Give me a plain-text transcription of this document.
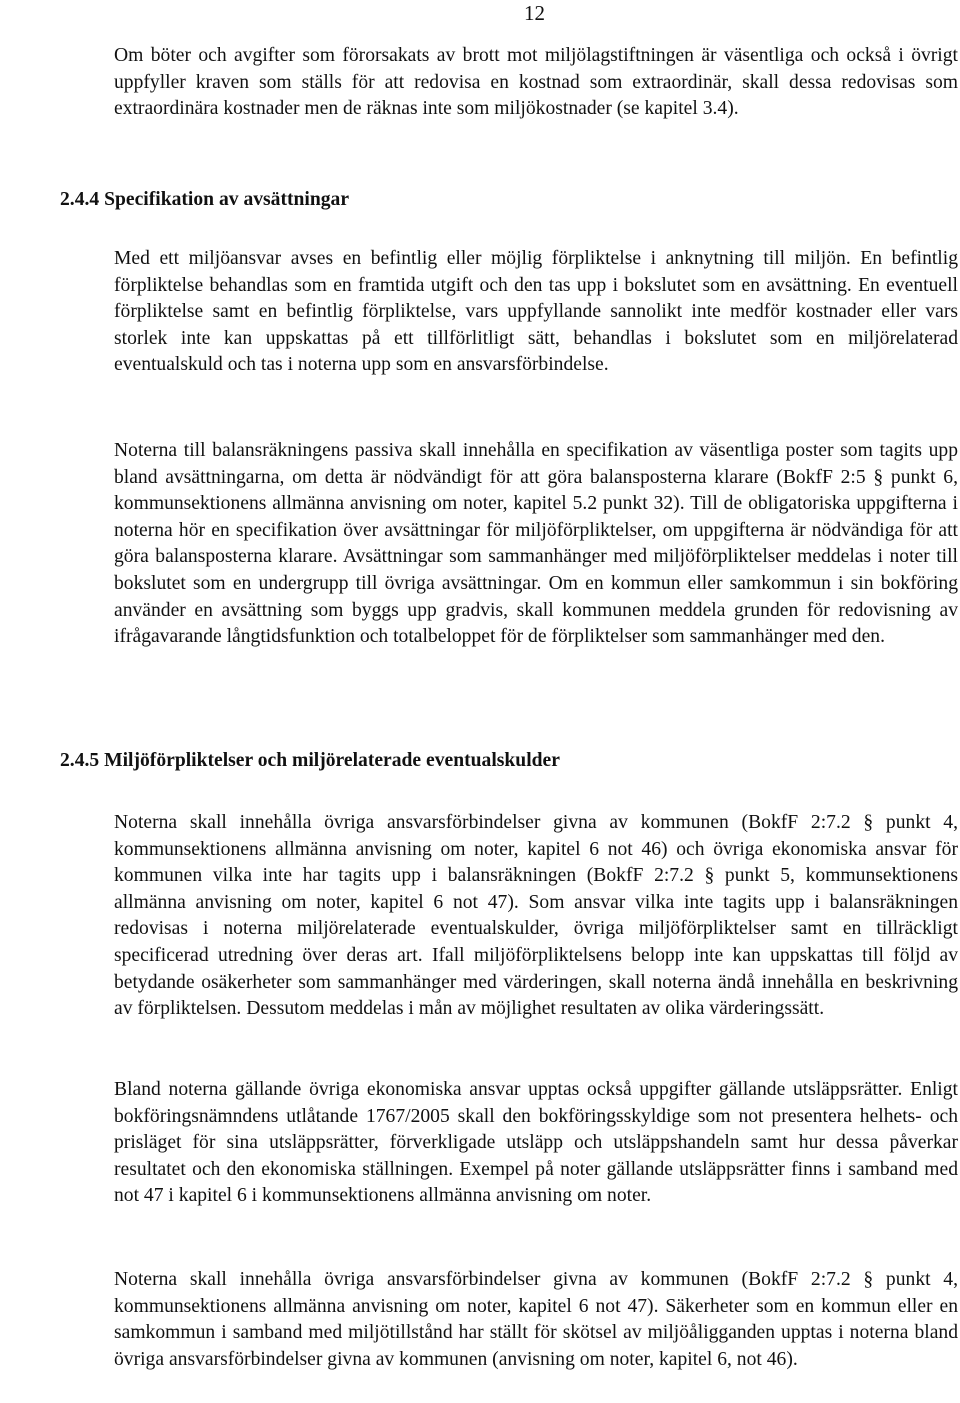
12

Om böter och avgifter som förorsakats av brott mot miljölagstiftningen är väsentliga och också i övrigt uppfyller kraven som ställs för att redovisa en kostnad som extraordinär, skall dessa redovisas som extraordinära kostnader men de räknas inte som miljökostnader (se kapitel 3.4).

2.4.4 Specifikation av avsättningar

Med ett miljöansvar avses en befintlig eller möjlig förpliktelse i anknytning till miljön. En befintlig förpliktelse behandlas som en framtida utgift och den tas upp i bokslutet som en avsättning. En eventuell förpliktelse samt en befintlig förpliktelse, vars uppfyllande sannolikt inte medför kostnader eller vars storlek inte kan uppskattas på ett tillförlitligt sätt, behandlas i bokslutet som en miljörelaterad eventualskuld och tas i noterna upp som en ansvarsförbindelse.

Noterna till balansräkningens passiva skall innehålla en specifikation av väsentliga poster som tagits upp bland avsättningarna, om detta är nödvändigt för att göra balansposterna klarare (BokfF 2:5 § punkt 6, kommunsektionens allmänna anvisning om noter, kapitel 5.2 punkt 32). Till de obligatoriska uppgifterna i noterna hör en specifikation över avsättningar för miljöförpliktelser, om uppgifterna är nödvändiga för att göra balansposterna klarare. Avsättningar som sammanhänger med miljöförpliktelser meddelas i noter till bokslutet som en undergrupp till övriga avsättningar. Om en kommun eller samkommun i sin bokföring använder en avsättning som byggs upp gradvis, skall kommunen meddela grunden för redovisning av ifrågavarande långtidsfunktion och totalbeloppet för de förpliktelser som sammanhänger med den.

2.4.5 Miljöförpliktelser och miljörelaterade eventualskulder

Noterna skall innehålla övriga ansvarsförbindelser givna av kommunen (BokfF 2:7.2 § punkt 4, kommunsektionens allmänna anvisning om noter, kapitel 6 not 46) och övriga ekonomiska ansvar för kommunen vilka inte har tagits upp i balansräkningen (BokfF 2:7.2 § punkt 5, kommunsektionens allmänna anvisning om noter, kapitel 6 not 47). Som ansvar vilka inte tagits upp i balansräkningen redovisas i noterna miljörelaterade eventualskulder, övriga miljöförpliktelser samt en tillräckligt specificerad utredning över deras art. Ifall miljöförpliktelsens belopp inte kan uppskattas till följd av betydande osäkerheter som sammanhänger med värderingen, skall noterna ändå innehålla en beskrivning av förpliktelsen. Dessutom meddelas i mån av möjlighet resultaten av olika värderingssätt.

Bland noterna gällande övriga ekonomiska ansvar upptas också uppgifter gällande utsläppsrätter. Enligt bokföringsnämndens utlåtande 1767/2005 skall den bokföringsskyldige som not presentera helhets- och prisläget för sina utsläppsrätter, förverkligade utsläpp och utsläppshandeln samt hur dessa påverkar resultatet och den ekonomiska ställningen. Exempel på noter gällande utsläppsrätter finns i samband med not 47 i kapitel 6 i kommunsektionens allmänna anvisning om noter.

Noterna skall innehålla övriga ansvarsförbindelser givna av kommunen (BokfF 2:7.2 § punkt 4, kommunsektionens allmänna anvisning om noter, kapitel 6 not 47). Säkerheter som en kommun eller en samkommun i samband med miljötillstånd har ställt för skötsel av miljöåligganden upptas i noterna bland övriga ansvarsförbindelser givna av kommunen (anvisning om noter, kapitel 6, not 46).
